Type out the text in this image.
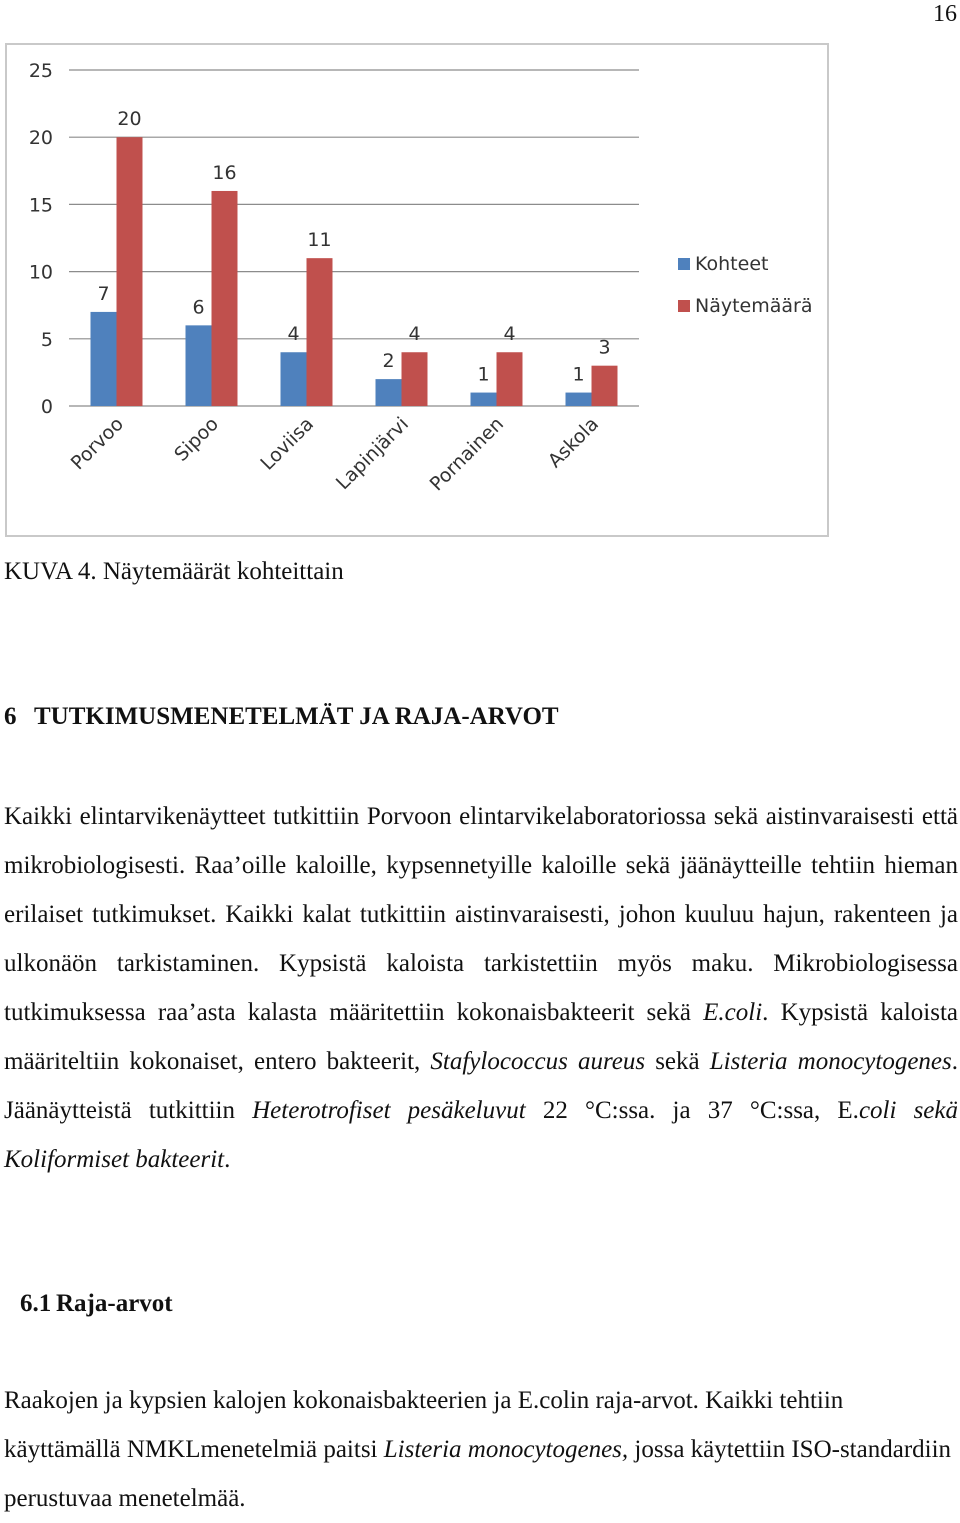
16
0
5
10
15
20
25
7
20
Porvoo
6
16
Sipoo
4
11
Loviisa
2
4
Lapinjärvi
1
4
Pornainen
1
3
Askola
Kohteet
Näytemäärä
KUVA 4. Näytemäärät kohteittain
6 TUTKIMUSMENETELMÄT JA RAJA-ARVOT

Kaikki elintarvikenäytteet tutkittiin Porvoon elintarvikelaboratoriossa sekä aistinvaraisesti että mikrobiologisesti. Raa’oille kaloille, kypsennetyille kaloille sekä jäänäytteille tehtiin hieman erilaiset tutkimukset. Kaikki kalat tutkittiin aistinvaraisesti, johon kuuluu hajun, rakenteen ja ulkonäön tarkistaminen. Kypsistä kaloista tarkistettiin myös maku. Mikrobiologisessa tutkimuksessa raa’asta kalasta määritettiin kokonaisbakteerit sekä E.coli. Kypsistä kaloista määriteltiin kokonaiset, entero bakteerit, Stafylococcus aureus sekä Listeria monocytogenes. Jäänäytteistä tutkittiin Heterotrofiset pesäkeluvut 22 °C:ssa. ja 37 °C:ssa, E.coli sekä Koliformiset bakteerit.

6.1 Raja-arvot

Raakojen ja kypsien kalojen kokonaisbakteerien ja E.colin raja-arvot. Kaikki tehtiin käyttämällä NMKLmenetelmiä paitsi Listeria monocytogenes, jossa käytettiin ISO-standardiin perustuvaa menetelmää.
